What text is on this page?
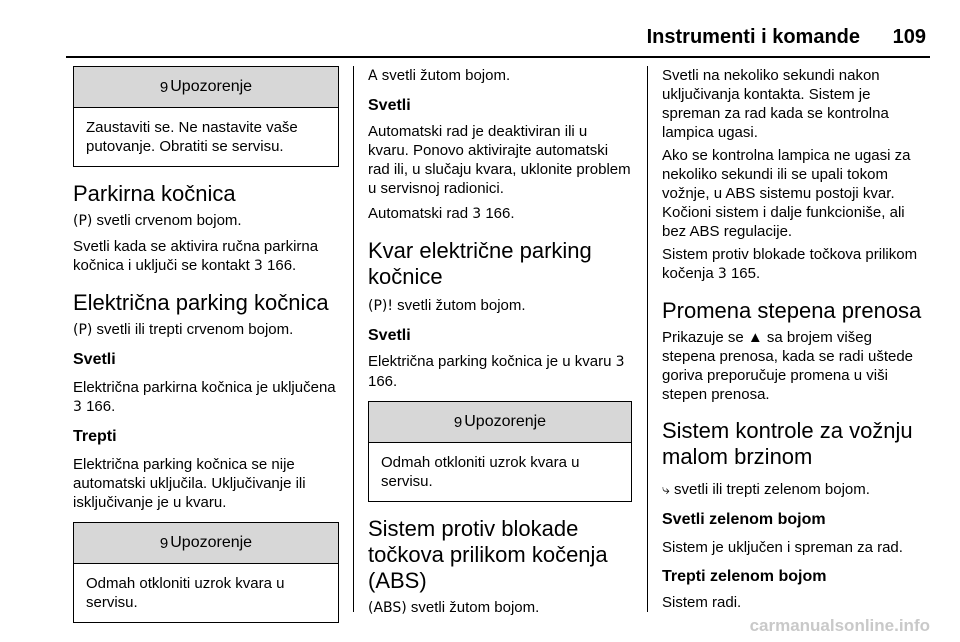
Instrumenti i komande	109
9 Upozorenje
Zaustaviti se. Ne nastavite vaše putovanje. Obratiti se servisu.
Parkirna kočnica

(P) svetli crvenom bojom.

Svetli kada se aktivira ručna parkirna kočnica i uključi se kontakt 3 166.

Električna parking kočnica

(P) svetli ili trepti crvenom bojom.

Svetli

Električna parkirna kočnica je uključena 3 166.

Trepti

Električna parking kočnica se nije automatski uključila. Uključivanje ili isključivanje je u kvaru.

9 Upozorenje
Odmah otkloniti uzrok kvara u servisu.

A svetli žutom bojom.

Svetli

Automatski rad je deaktiviran ili u kvaru. Ponovo aktivirajte automatski rad ili, u slučaju kvara, uklonite problem u servisnoj radionici.

Automatski rad 3 166.

Kvar električne parking kočnice

(P)! svetli žutom bojom.

Svetli

Električna parking kočnica je u kvaru 3 166.

9 Upozorenje
Odmah otkloniti uzrok kvara u servisu.
Sistem protiv blokade točkova prilikom kočenja (ABS)

(ABS) svetli žutom bojom.

Svetli na nekoliko sekundi nakon uključivanja kontakta. Sistem je spreman za rad kada se kontrolna lampica ugasi.

Ako se kontrolna lampica ne ugasi za nekoliko sekundi ili se upali tokom vožnje, u ABS sistemu postoji kvar. Kočioni sistem i dalje funkcioniše, ali bez ABS regulacije.

Sistem protiv blokade točkova prilikom kočenja 3 165.

Promena stepena prenosa

Prikazuje se ▲ sa brojem višeg stepena prenosa, kada se radi uštede goriva preporučuje promena u viši stepen prenosa.

Sistem kontrole za vožnju malom brzinom

⤷ svetli ili trepti zelenom bojom.

Svetli zelenom bojom

Sistem je uključen i spreman za rad.

Trepti zelenom bojom

Sistem radi.

carmanualsonline.info
